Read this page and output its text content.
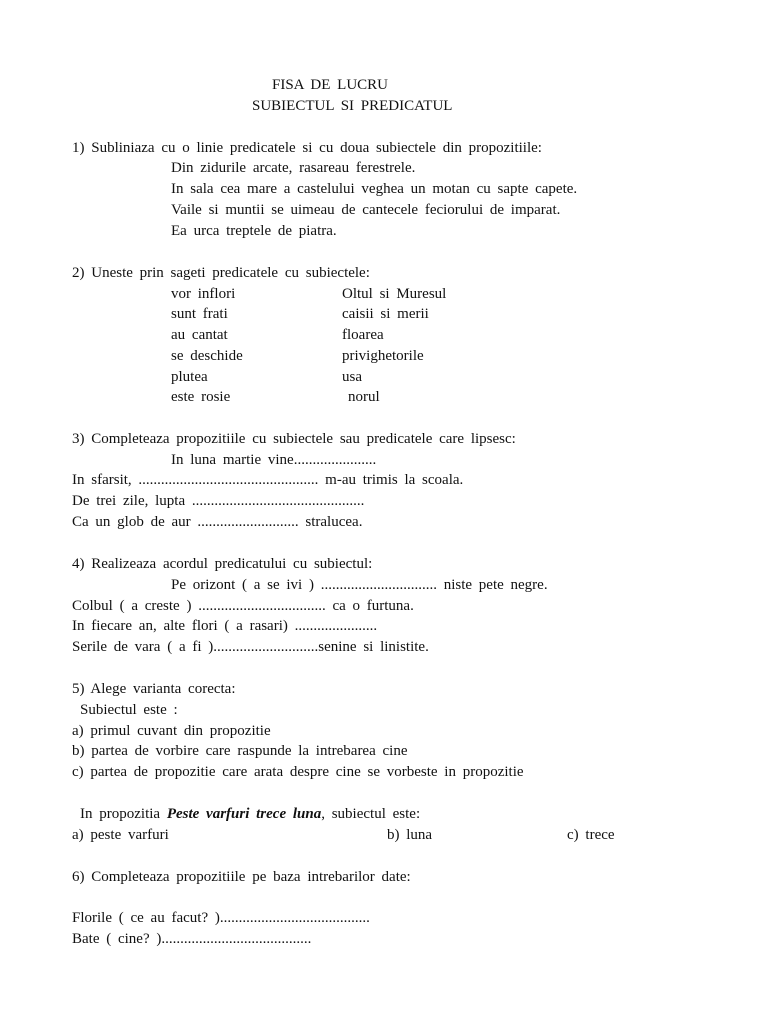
FISA DE LUCRU
SUBIECTUL SI PREDICATUL
1) Subliniaza cu o linie predicatele si cu doua subiectele din propozitiile:
Din zidurile arcate, rasareau ferestrele.
In sala cea mare a castelului veghea un motan cu sapte capete.
Vaile si muntii se uimeau de cantecele feciorului de imparat.
Ea urca treptele de piatra.
2) Uneste prin sageti predicatele cu subiectele:
vor inflori	Oltul si Muresul
sunt frati	caisii si merii
au cantat	floarea
se deschide	privighetorile
plutea	usa
este rosie	norul
3) Completeaza propozitiile cu subiectele sau predicatele care lipsesc:
In luna martie vine......................
In sfarsit, ................................................ m-au trimis la scoala.
De trei zile, lupta ..............................................
Ca un glob de aur ........................... stralucea.
4) Realizeaza acordul predicatului cu subiectul:
Pe orizont ( a se ivi ) ............................... niste pete negre.
Colbul ( a creste ) .................................. ca o furtuna.
In fiecare an, alte flori ( a rasari) ......................
Serile de vara ( a fi )............................senine si linistite.
5) Alege varianta corecta:
Subiectul este :
a) primul cuvant din propozitie
b) partea de vorbire care raspunde la intrebarea cine
c) partea de propozitie care arata despre cine se vorbeste in propozitie
In propozitia Peste varfuri trece luna, subiectul este:
a) peste varfuri	b) luna	c) trece
6) Completeaza propozitiile pe baza intrebarilor date:
Florile ( ce au facut? )........................................
Bate ( cine? )........................................
